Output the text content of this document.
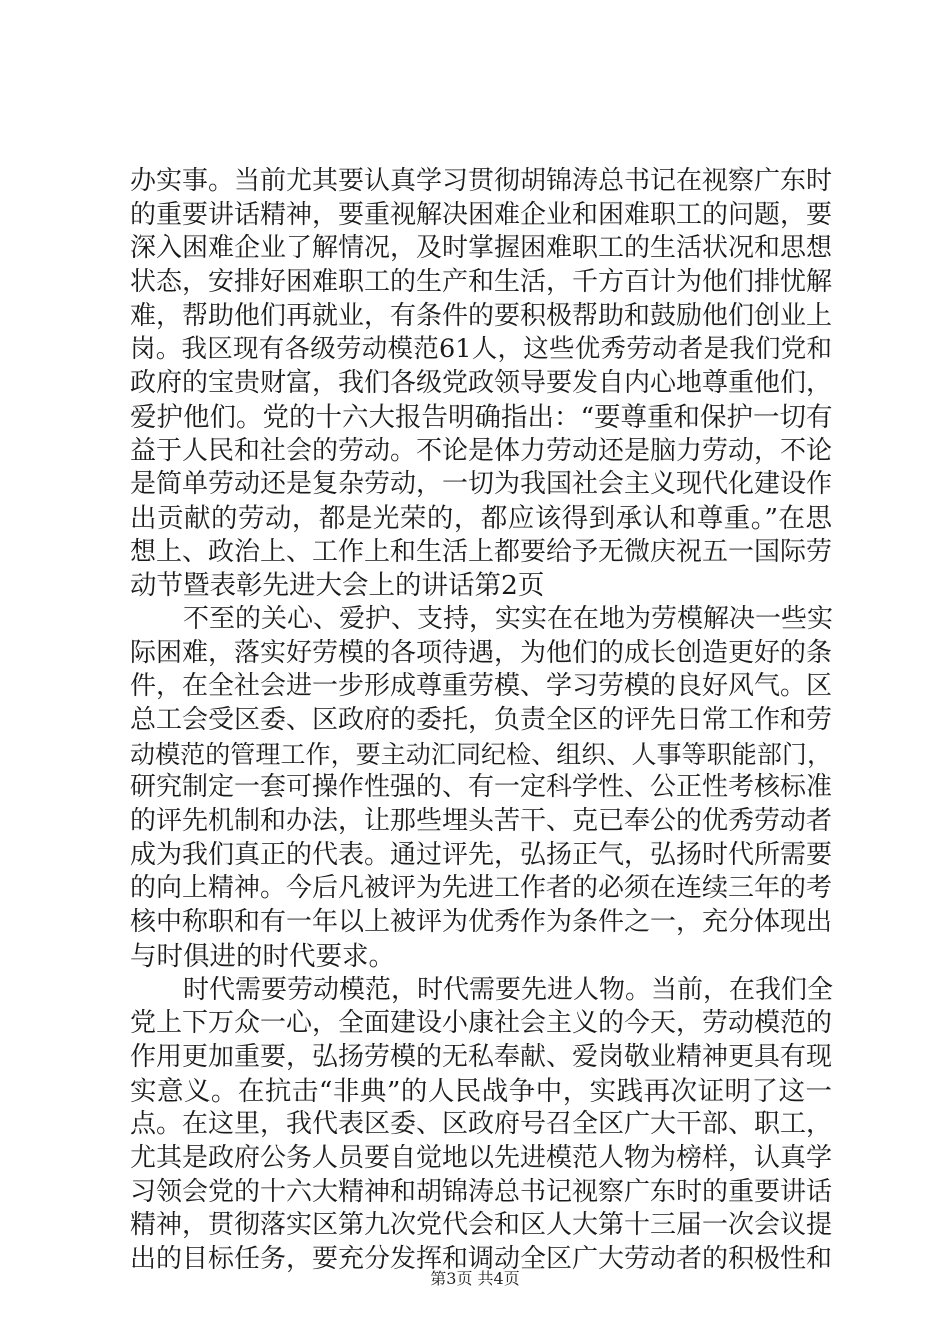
办实事。当前尤其要认真学习贯彻胡锦涛总书记在视察广东时
的重要讲话精神，要重视解决困难企业和困难职工的问题，要
深入困难企业了解情况，及时掌握困难职工的生活状况和思想
状态，安排好困难职工的生产和生活，千方百计为他们排忧解
难，帮助他们再就业，有条件的要积极帮助和鼓励他们创业上
岗。我区现有各级劳动模范61人，这些优秀劳动者是我们党和
政府的宝贵财富，我们各级党政领导要发自内心地尊重他们，
爱护他们。党的十六大报告明确指出：“要尊重和保护一切有
益于人民和社会的劳动。不论是体力劳动还是脑力劳动，不论
是简单劳动还是复杂劳动，一切为我国社会主义现代化建设作
出贡献的劳动，都是光荣的，都应该得到承认和尊重。”在思
想上、政治上、工作上和生活上都要给予无微庆祝五一国际劳
动节暨表彰先进大会上的讲话第2页
不至的关心、爱护、支持，实实在在地为劳模解决一些实
际困难，落实好劳模的各项待遇，为他们的成长创造更好的条
件，在全社会进一步形成尊重劳模、学习劳模的良好风气。区
总工会受区委、区政府的委托，负责全区的评先日常工作和劳
动模范的管理工作，要主动汇同纪检、组织、人事等职能部门，
研究制定一套可操作性强的、有一定科学性、公正性考核标准
的评先机制和办法，让那些埋头苦干、克已奉公的优秀劳动者
成为我们真正的代表。通过评先，弘扬正气，弘扬时代所需要
的向上精神。今后凡被评为先进工作者的必须在连续三年的考
核中称职和有一年以上被评为优秀作为条件之一，充分体现出
与时俱进的时代要求。
时代需要劳动模范，时代需要先进人物。当前，在我们全
党上下万众一心，全面建设小康社会主义的今天，劳动模范的
作用更加重要，弘扬劳模的无私奉献、爱岗敬业精神更具有现
实意义。在抗击“非典”的人民战争中，实践再次证明了这一
点。在这里，我代表区委、区政府号召全区广大干部、职工，
尤其是政府公务人员要自觉地以先进模范人物为榜样，认真学
习领会党的十六大精神和胡锦涛总书记视察广东时的重要讲话
精神，贯彻落实区第九次党代会和区人大第十三届一次会议提
出的目标任务，要充分发挥和调动全区广大劳动者的积极性和
第3页 共4页
